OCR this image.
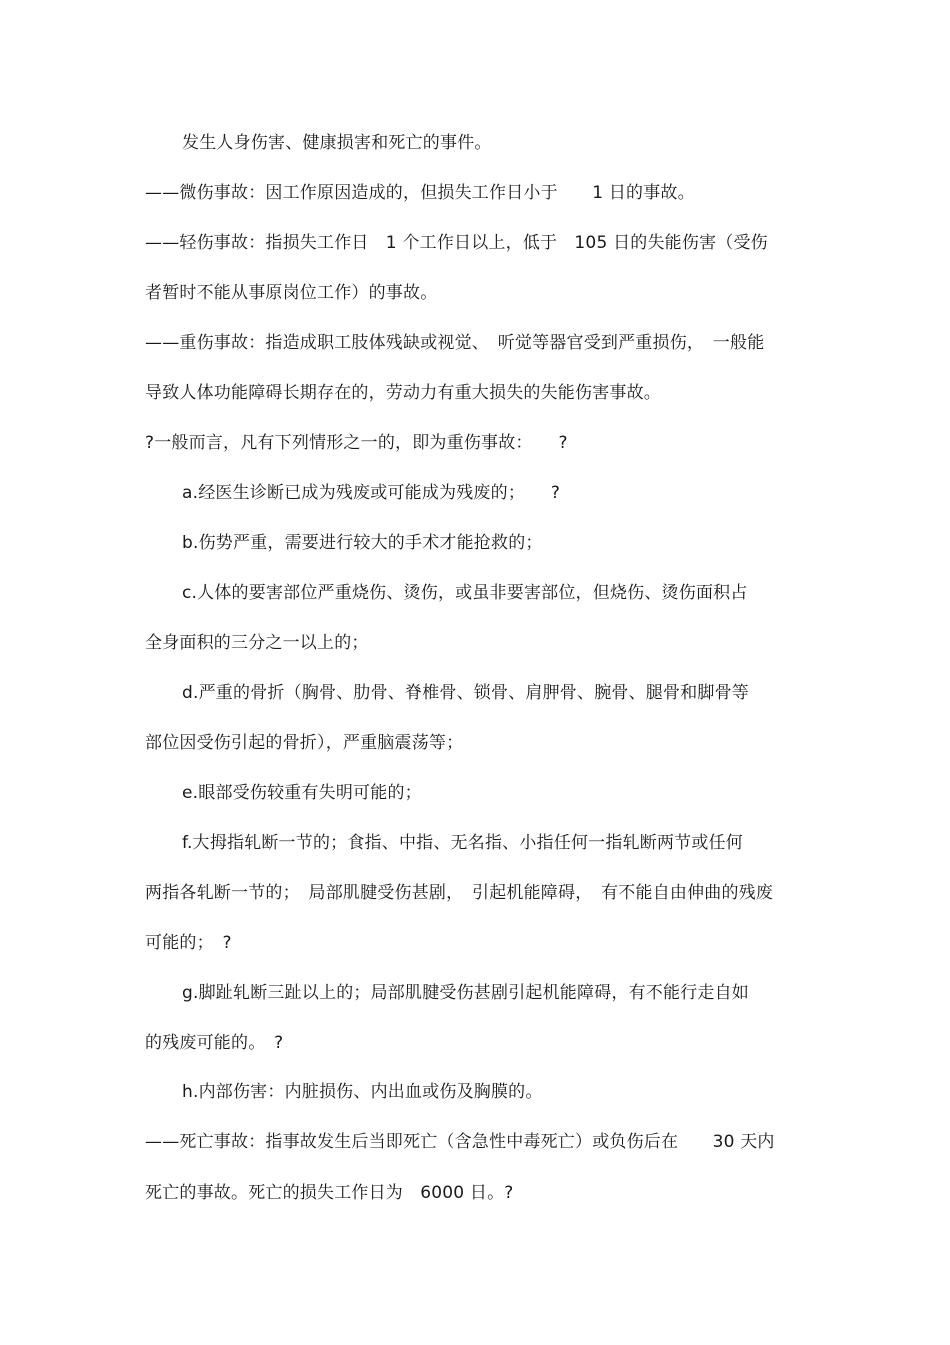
发生人身伤害、健康损害和死亡的事件。
——微伤事故：因工作原因造成的，但损失工作日小于　　1 日的事故。
——轻伤事故：指损失工作日　1 个工作日以上，低于　105 日的失能伤害（受伤
者暂时不能从事原岗位工作）的事故。
——重伤事故：指造成职工肢体残缺或视觉、　听觉等器官受到严重损伤，　一般能
导致人体功能障碍长期存在的，劳动力有重大损失的失能伤害事故。
?一般而言，凡有下列情形之一的，即为重伤事故：　　?
a.经医生诊断已成为残废或可能成为残废的；　　?
b.伤势严重，需要进行较大的手术才能抢救的；
c.人体的要害部位严重烧伤、烫伤，或虽非要害部位，但烧伤、烫伤面积占
全身面积的三分之一以上的；
d.严重的骨折（胸骨、肋骨、脊椎骨、锁骨、肩胛骨、腕骨、腿骨和脚骨等
部位因受伤引起的骨折），严重脑震荡等；
e.眼部受伤较重有失明可能的；
f.大拇指轧断一节的；食指、中指、无名指、小指任何一指轧断两节或任何
两指各轧断一节的；　局部肌腱受伤甚剧，　引起机能障碍，　有不能自由伸曲的残废
可能的；　?
g.脚趾轧断三趾以上的；局部肌腱受伤甚剧引起机能障碍，有不能行走自如
的残废可能的。　?
h.内部伤害：内脏损伤、内出血或伤及胸膜的。
——死亡事故：指事故发生后当即死亡（含急性中毒死亡）或负伤后在　　30 天内
死亡的事故。死亡的损失工作日为　6000 日。?
